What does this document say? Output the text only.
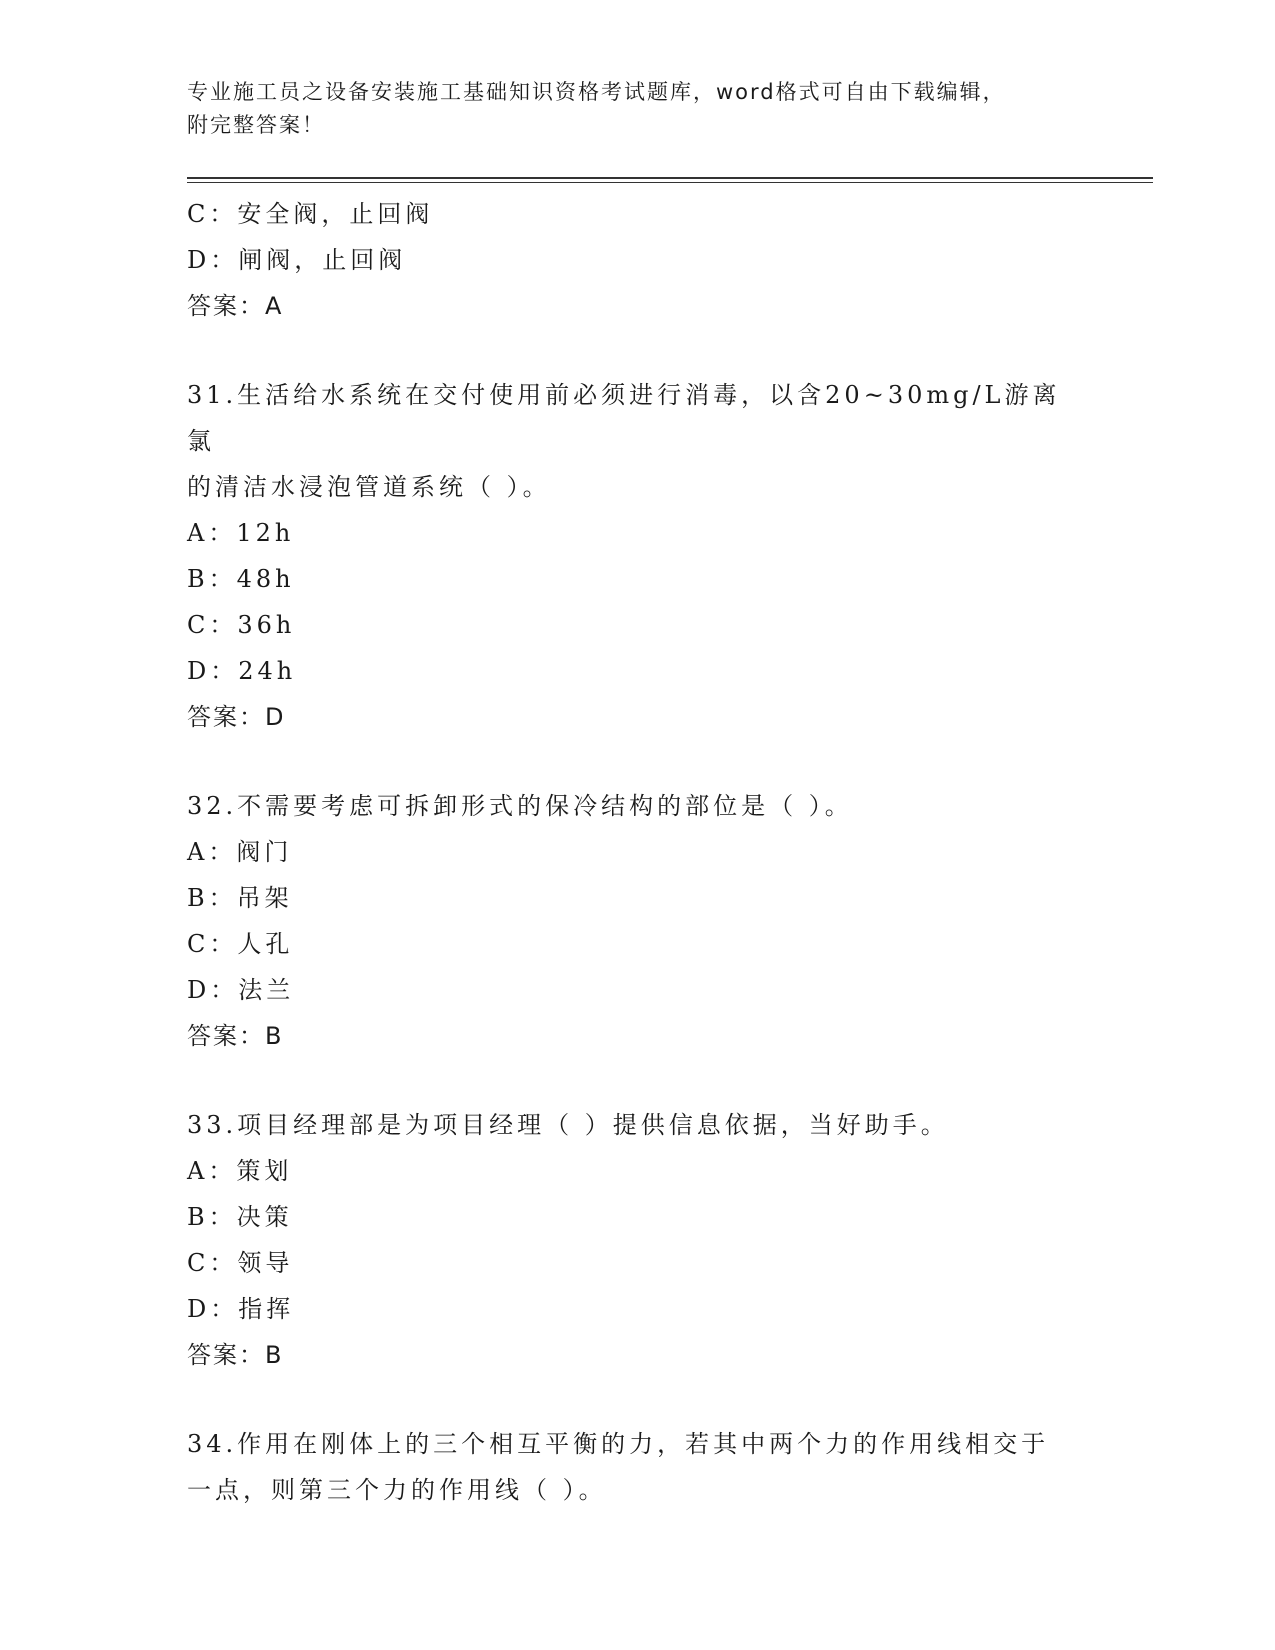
专业施工员之设备安装施工基础知识资格考试题库，word格式可自由下载编辑，
附完整答案！
C：安全阀，止回阀
D：闸阀，止回阀
答案：A
31.生活给水系统在交付使用前必须进行消毒，以含20~30mg/L游离氯
的清洁水浸泡管道系统（ ）。
A：12h
B：48h
C：36h
D：24h
答案：D
32.不需要考虑可拆卸形式的保冷结构的部位是（ ）。
A：阀门
B：吊架
C：人孔
D：法兰
答案：B
33.项目经理部是为项目经理（ ）提供信息依据，当好助手。
A：策划
B：决策
C：领导
D：指挥
答案：B
34.作用在刚体上的三个相互平衡的力，若其中两个力的作用线相交于
一点，则第三个力的作用线（ ）。
